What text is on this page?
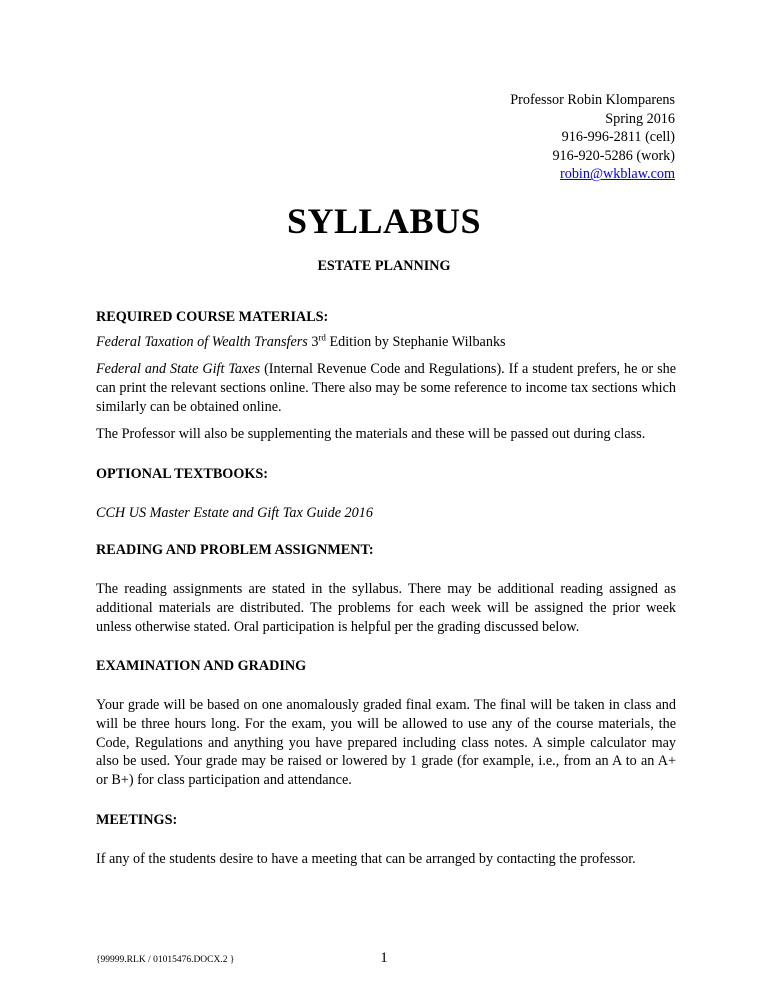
Professor Robin Klomparens
Spring 2016
916-996-2811 (cell)
916-920-5286 (work)
robin@wkblaw.com
SYLLABUS
ESTATE PLANNING

REQUIRED COURSE MATERIALS:

Federal Taxation of Wealth Transfers 3rd Edition by Stephanie Wilbanks

Federal and State Gift Taxes (Internal Revenue Code and Regulations). If a student prefers, he or she can print the relevant sections online. There also may be some reference to income tax sections which similarly can be obtained online.

The Professor will also be supplementing the materials and these will be passed out during class.

OPTIONAL TEXTBOOKS:

CCH US Master Estate and Gift Tax Guide 2016

READING AND PROBLEM ASSIGNMENT:

The reading assignments are stated in the syllabus. There may be additional reading assigned as additional materials are distributed. The problems for each week will be assigned the prior week unless otherwise stated. Oral participation is helpful per the grading discussed below.

EXAMINATION AND GRADING

Your grade will be based on one anomalously graded final exam. The final will be taken in class and will be three hours long. For the exam, you will be allowed to use any of the course materials, the Code, Regulations and anything you have prepared including class notes. A simple calculator may also be used. Your grade may be raised or lowered by 1 grade (for example, i.e., from an A to an A+ or B+) for class participation and attendance.

MEETINGS:

If any of the students desire to have a meeting that can be arranged by contacting the professor.

{99999.RLK / 01015476.DOCX.2 }	1
